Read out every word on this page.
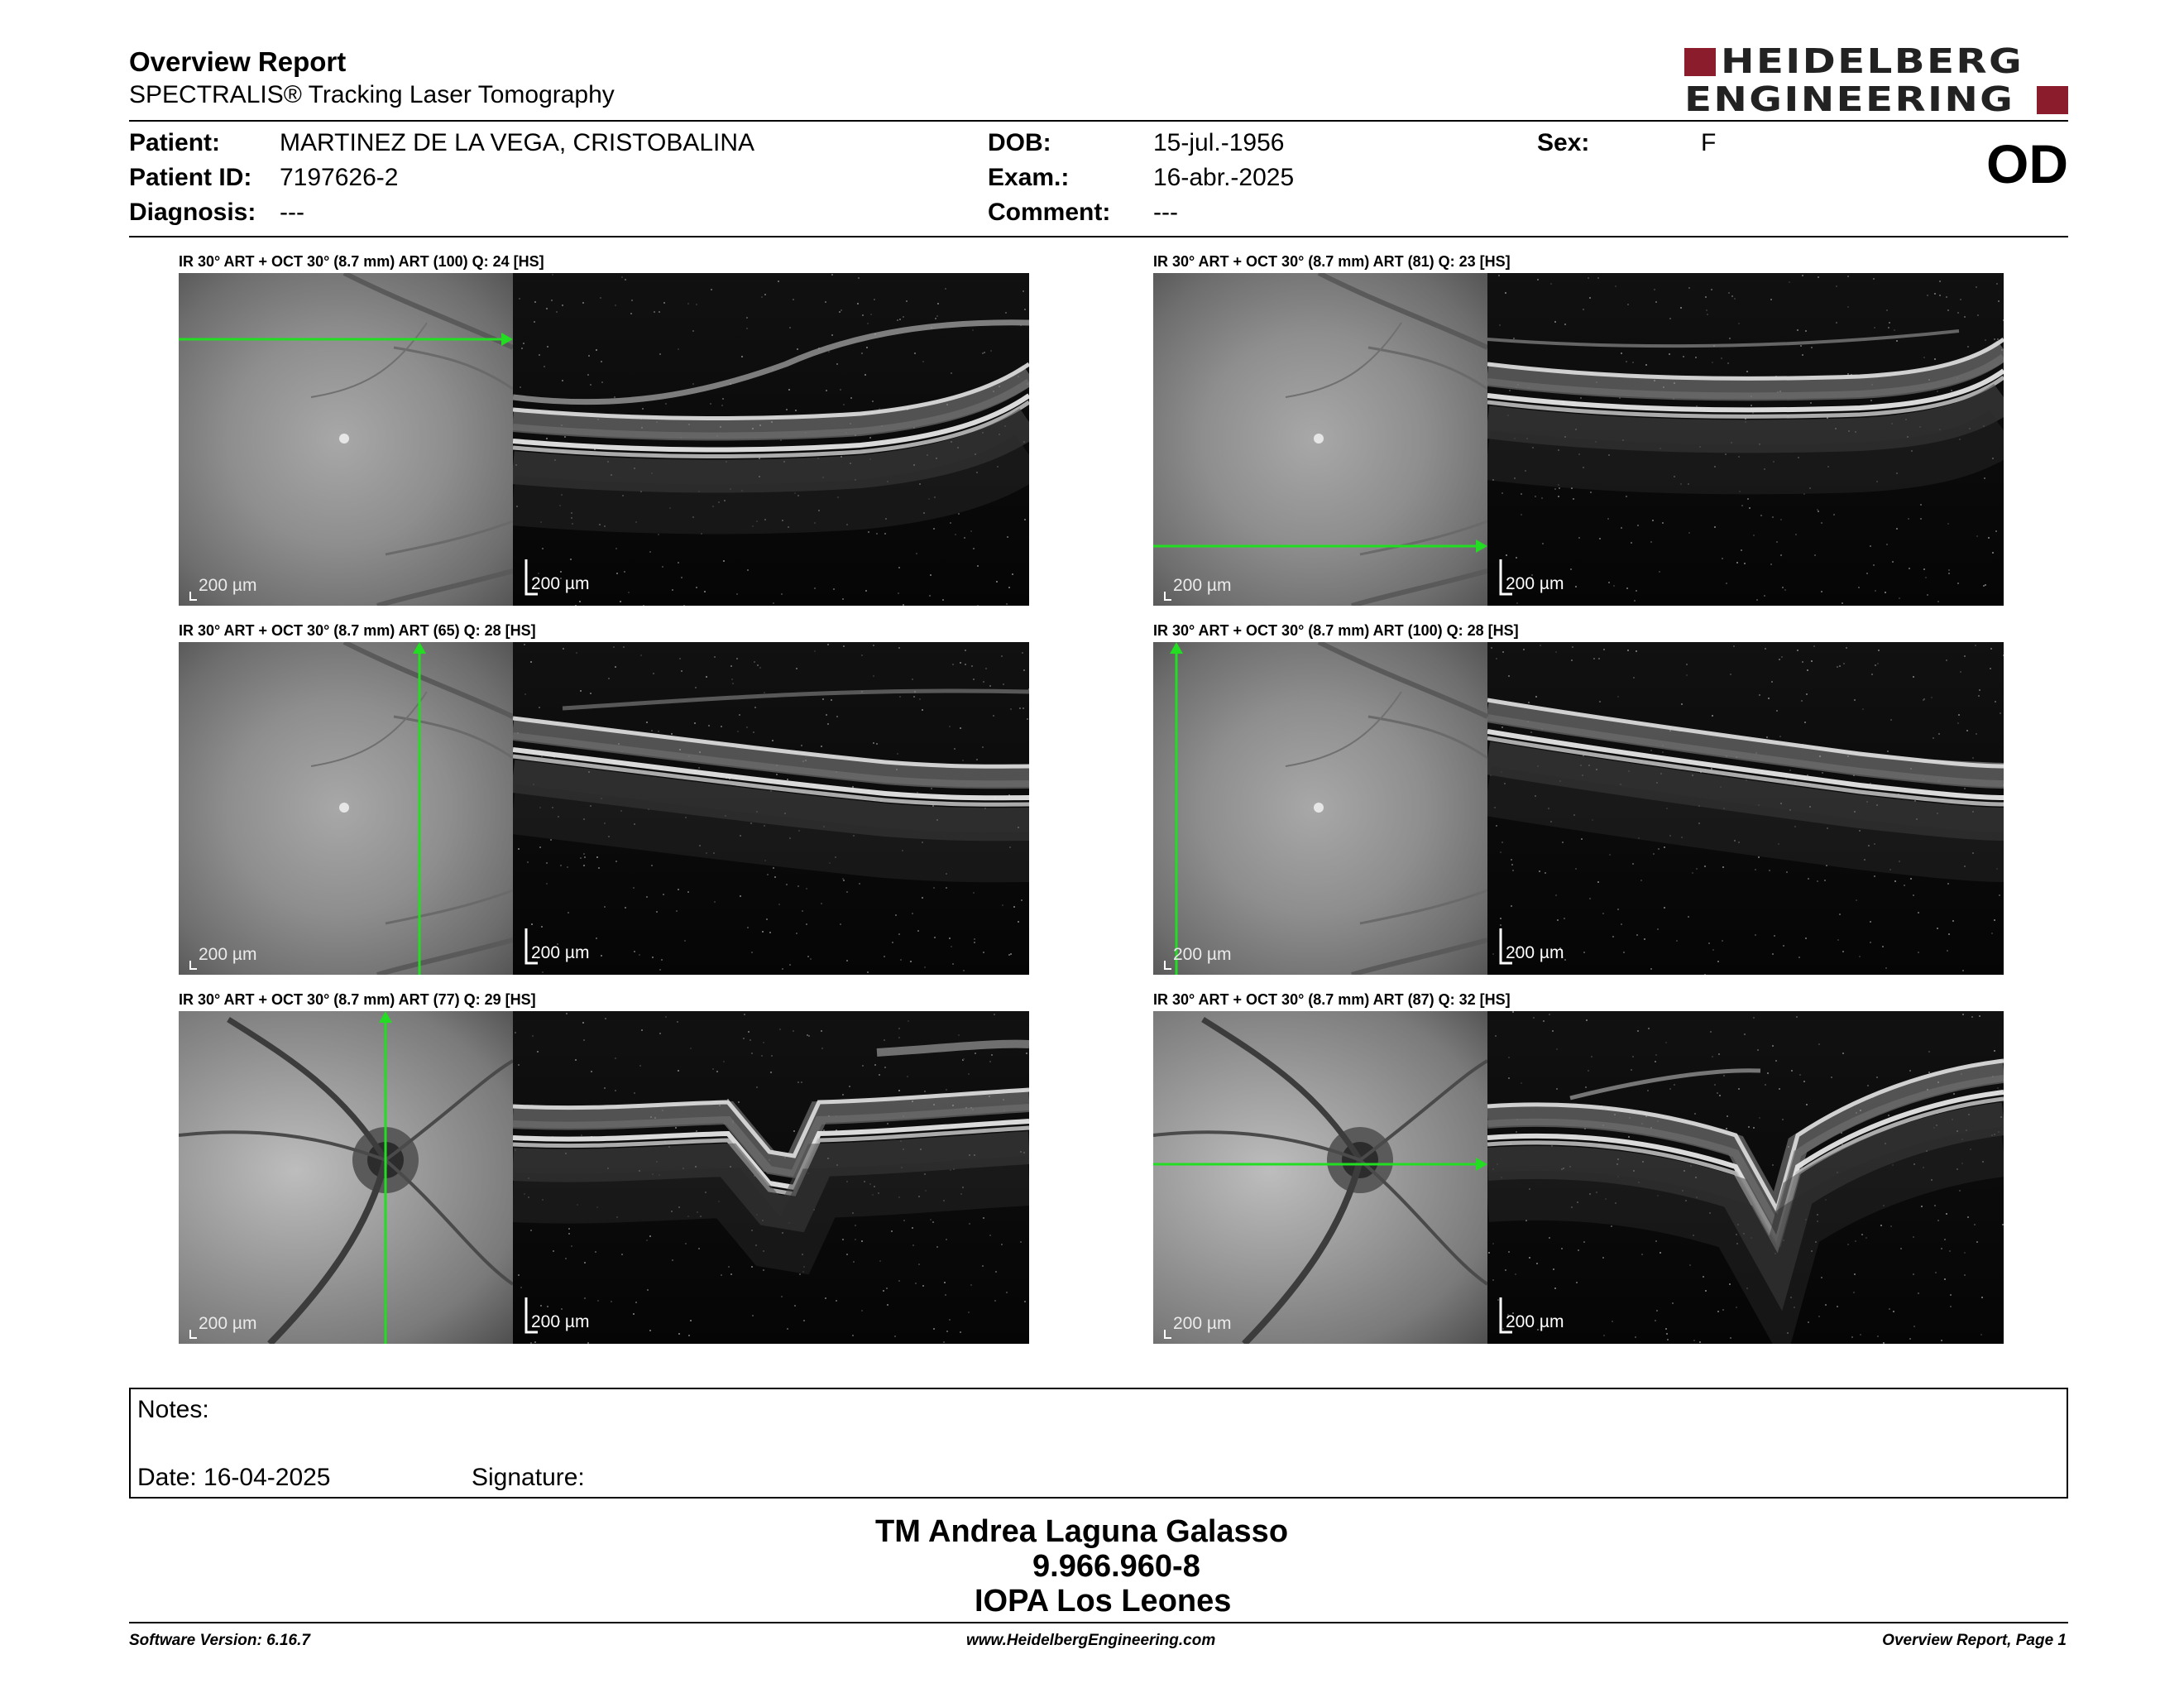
Overview Report
SPECTRALIS® Tracking Laser Tomography
HEIDELBERG
ENGINEERING
Patient: MARTINEZ DE LA VEGA, CRISTOBALINA
Patient ID: 7197626-2
Diagnosis: ---
DOB:	15-jul.-1956
Exam.:	16-abr.-2025
Comment: ---
Sex:	F	OD
IR 30° ART + OCT 30° (8.7 mm) ART (100) Q: 24 [HS]
200 µm	200 µm
IR 30° ART + OCT 30° (8.7 mm) ART (81) Q: 23 [HS]
200 µm	200 µm
IR 30° ART + OCT 30° (8.7 mm) ART (65) Q: 28 [HS]
200 µm	200 µm
IR 30° ART + OCT 30° (8.7 mm) ART (100) Q: 28 [HS]
200 µm	200 µm
IR 30° ART + OCT 30° (8.7 mm) ART (77) Q: 29 [HS]
200 µm	200 µm
IR 30° ART + OCT 30° (8.7 mm) ART (87) Q: 32 [HS]
200 µm	200 µm
Notes:
Date: 16-04-2025	Signature:
TM Andrea Laguna Galasso
9.966.960-8
IOPA Los Leones
Software Version: 6.16.7	www.HeidelbergEngineering.com	Overview Report, Page 1
